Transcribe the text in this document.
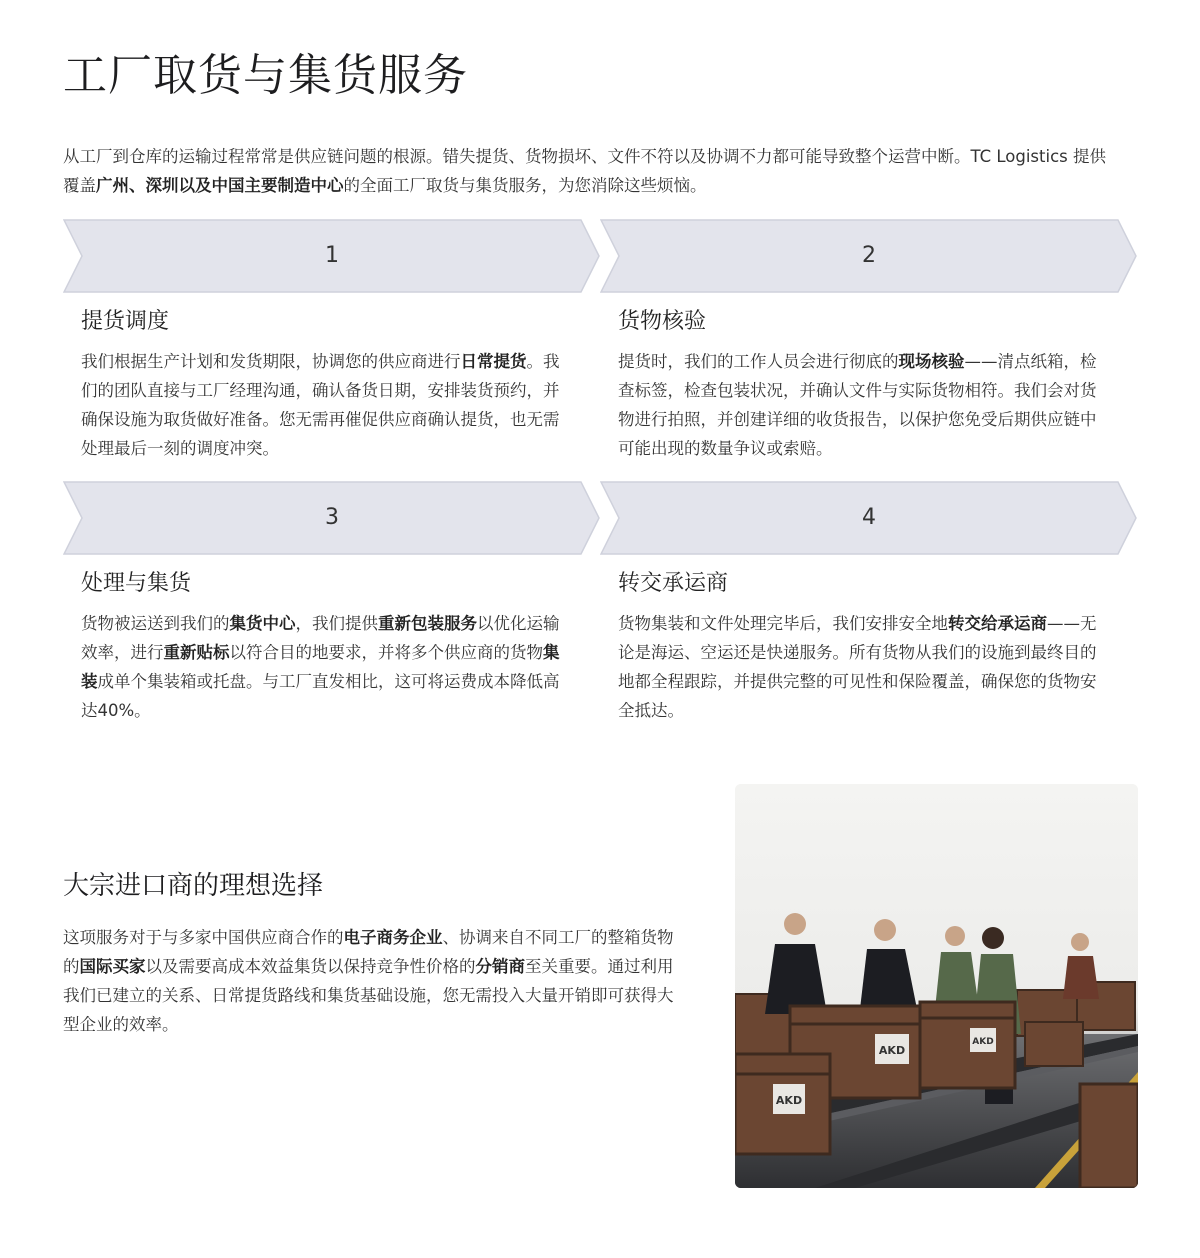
工厂取货与集货服务

从工厂到仓库的运输过程常常是供应链问题的根源。错失提货、货物损坏、文件不符以及协调不力都可能导致整个运营中断。TC Logistics 提供覆盖广州、深圳以及中国主要制造中心的全面工厂取货与集货服务，为您消除这些烦恼。

1
提货调度

我们根据生产计划和发货期限，协调您的供应商进行日常提货。我们的团队直接与工厂经理沟通，确认备货日期，安排装货预约，并确保设施为取货做好准备。您无需再催促供应商确认提货，也无需处理最后一刻的调度冲突。

2
货物核验

提货时，我们的工作人员会进行彻底的现场核验——清点纸箱，检查标签，检查包装状况，并确认文件与实际货物相符。我们会对货物进行拍照，并创建详细的收货报告，以保护您免受后期供应链中可能出现的数量争议或索赔。

3
处理与集货

货物被运送到我们的集货中心，我们提供重新包装服务以优化运输效率，进行重新贴标以符合目的地要求，并将多个供应商的货物集装成单个集装箱或托盘。与工厂直发相比，这可将运费成本降低高达40%。

4
转交承运商

货物集装和文件处理完毕后，我们安排安全地转交给承运商——无论是海运、空运还是快递服务。所有货物从我们的设施到最终目的地都全程跟踪，并提供完整的可见性和保险覆盖，确保您的货物安全抵达。

大宗进口商的理想选择

这项服务对于与多家中国供应商合作的电子商务企业、协调来自不同工厂的整箱货物的国际买家以及需要高成本效益集货以保持竞争性价格的分销商至关重要。通过利用我们已建立的关系、日常提货路线和集货基础设施，您无需投入大量开销即可获得大型企业的效率。

AKD
AKD
AKD
